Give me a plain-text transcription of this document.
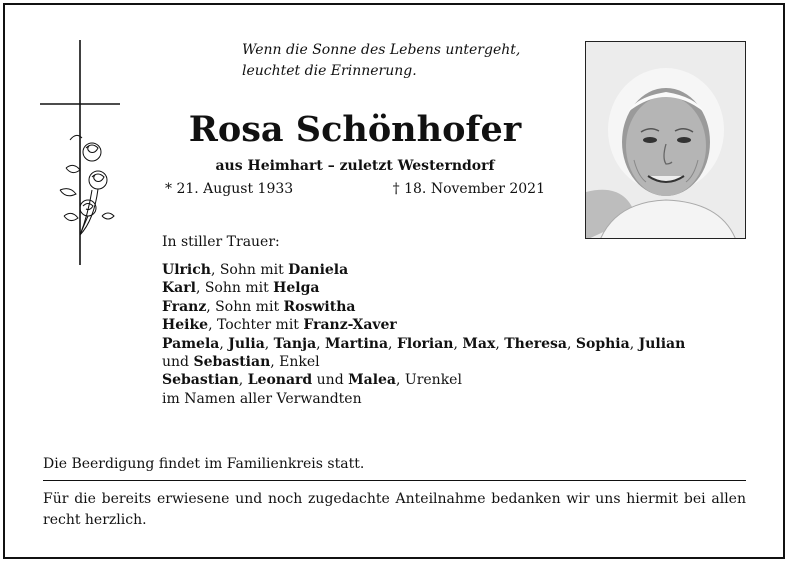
Wenn die Sonne des Lebens untergeht,
leuchtet die Erinnerung.
Rosa Schönhofer
aus Heimhart – zuletzt Westerndorf
* 21. August 1933	† 18. November 2021
In stiller Trauer:
Ulrich, Sohn mit Daniela
Karl, Sohn mit Helga
Franz, Sohn mit Roswitha
Heike, Tochter mit Franz-Xaver
Pamela, Julia, Tanja, Martina, Florian, Max, Theresa, Sophia, Julian
und Sebastian, Enkel
Sebastian, Leonard und Malea, Urenkel
im Namen aller Verwandten
Die Beerdigung findet im Familienkreis statt.
Für die bereits erwiesene und noch zugedachte Anteilnahme bedanken wir uns hiermit bei allen recht herzlich.
